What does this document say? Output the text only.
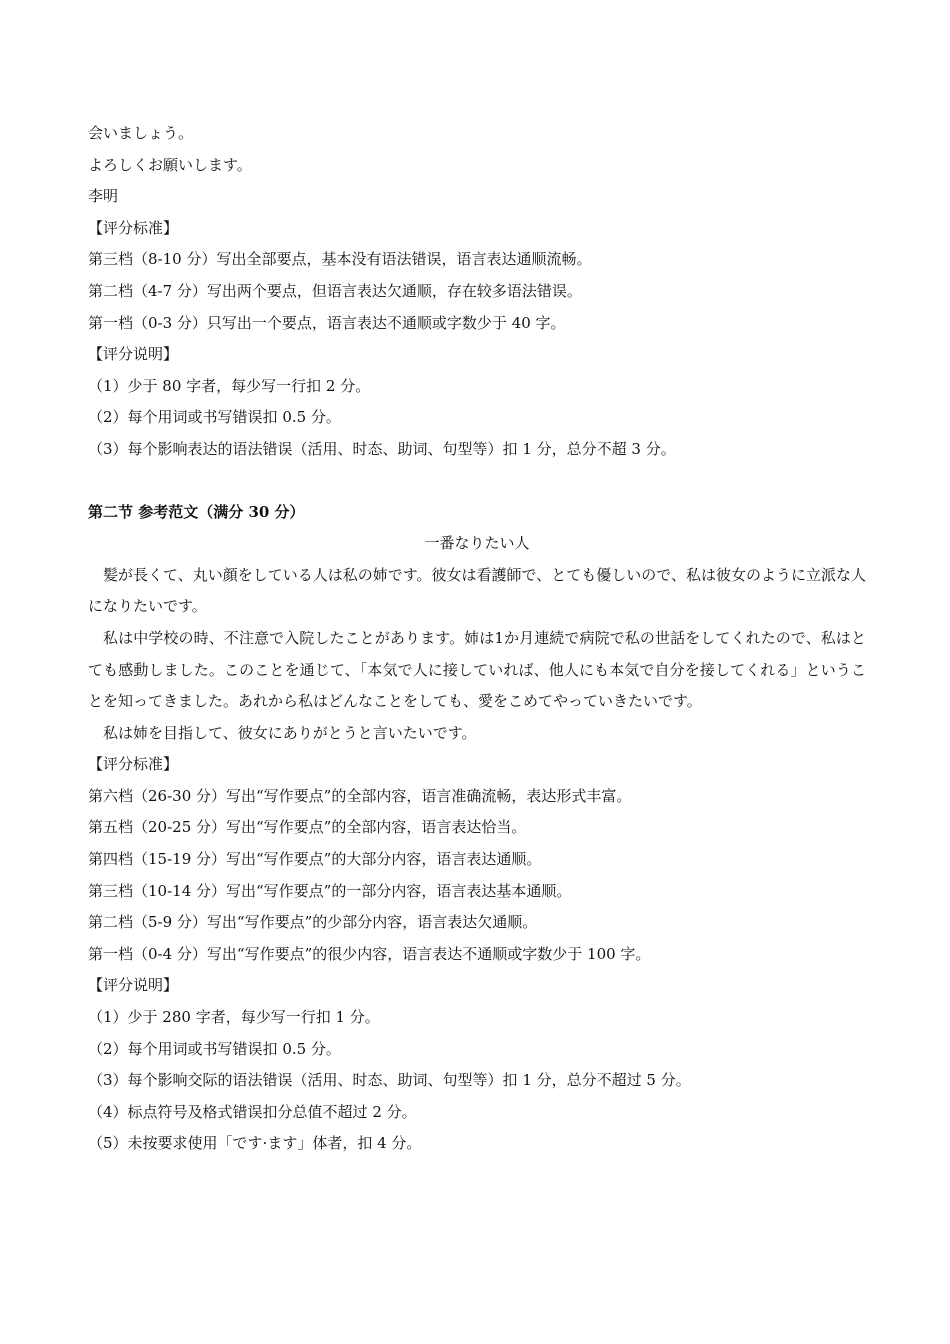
会いましょう。
よろしくお願いします。
李明
【评分标准】
第三档（8-10 分）写出全部要点，基本没有语法错误，语言表达通顺流畅。
第二档（4-7 分）写出两个要点，但语言表达欠通顺，存在较多语法错误。
第一档（0-3 分）只写出一个要点，语言表达不通顺或字数少于 40 字。
【评分说明】
（1）少于 80 字者，每少写一行扣 2 分。
（2）每个用词或书写错误扣 0.5 分。
（3）每个影响表达的语法错误（活用、时态、助词、句型等）扣 1 分，总分不超 3 分。
第二节 参考范文（满分 30 分）
一番なりたい人

髪が長くて、丸い顔をしている人は私の姉です。彼女は看護師で、とても優しいので、私は彼女のように立派な人になりたいです。

私は中学校の時、不注意で入院したことがあります。姉は1か月連続で病院で私の世話をしてくれたので、私はとても感動しました。このことを通じて、「本気で人に接していれば、他人にも本気で自分を接してくれる」ということを知ってきました。あれから私はどんなことをしても、愛をこめてやっていきたいです。

私は姉を目指して、彼女にありがとうと言いたいです。

【评分标准】
第六档（26-30 分）写出“写作要点”的全部内容，语言准确流畅，表达形式丰富。
第五档（20-25 分）写出“写作要点”的全部内容，语言表达恰当。
第四档（15-19 分）写出“写作要点”的大部分内容，语言表达通顺。
第三档（10-14 分）写出“写作要点”的一部分内容，语言表达基本通顺。
第二档（5-9 分）写出“写作要点”的少部分内容，语言表达欠通顺。
第一档（0-4 分）写出“写作要点”的很少内容，语言表达不通顺或字数少于 100 字。
【评分说明】
（1）少于 280 字者，每少写一行扣 1 分。
（2）每个用词或书写错误扣 0.5 分。
（3）每个影响交际的语法错误（活用、时态、助词、句型等）扣 1 分，总分不超过 5 分。
（4）标点符号及格式错误扣分总值不超过 2 分。
（5）未按要求使用「です·ます」体者，扣 4 分。
